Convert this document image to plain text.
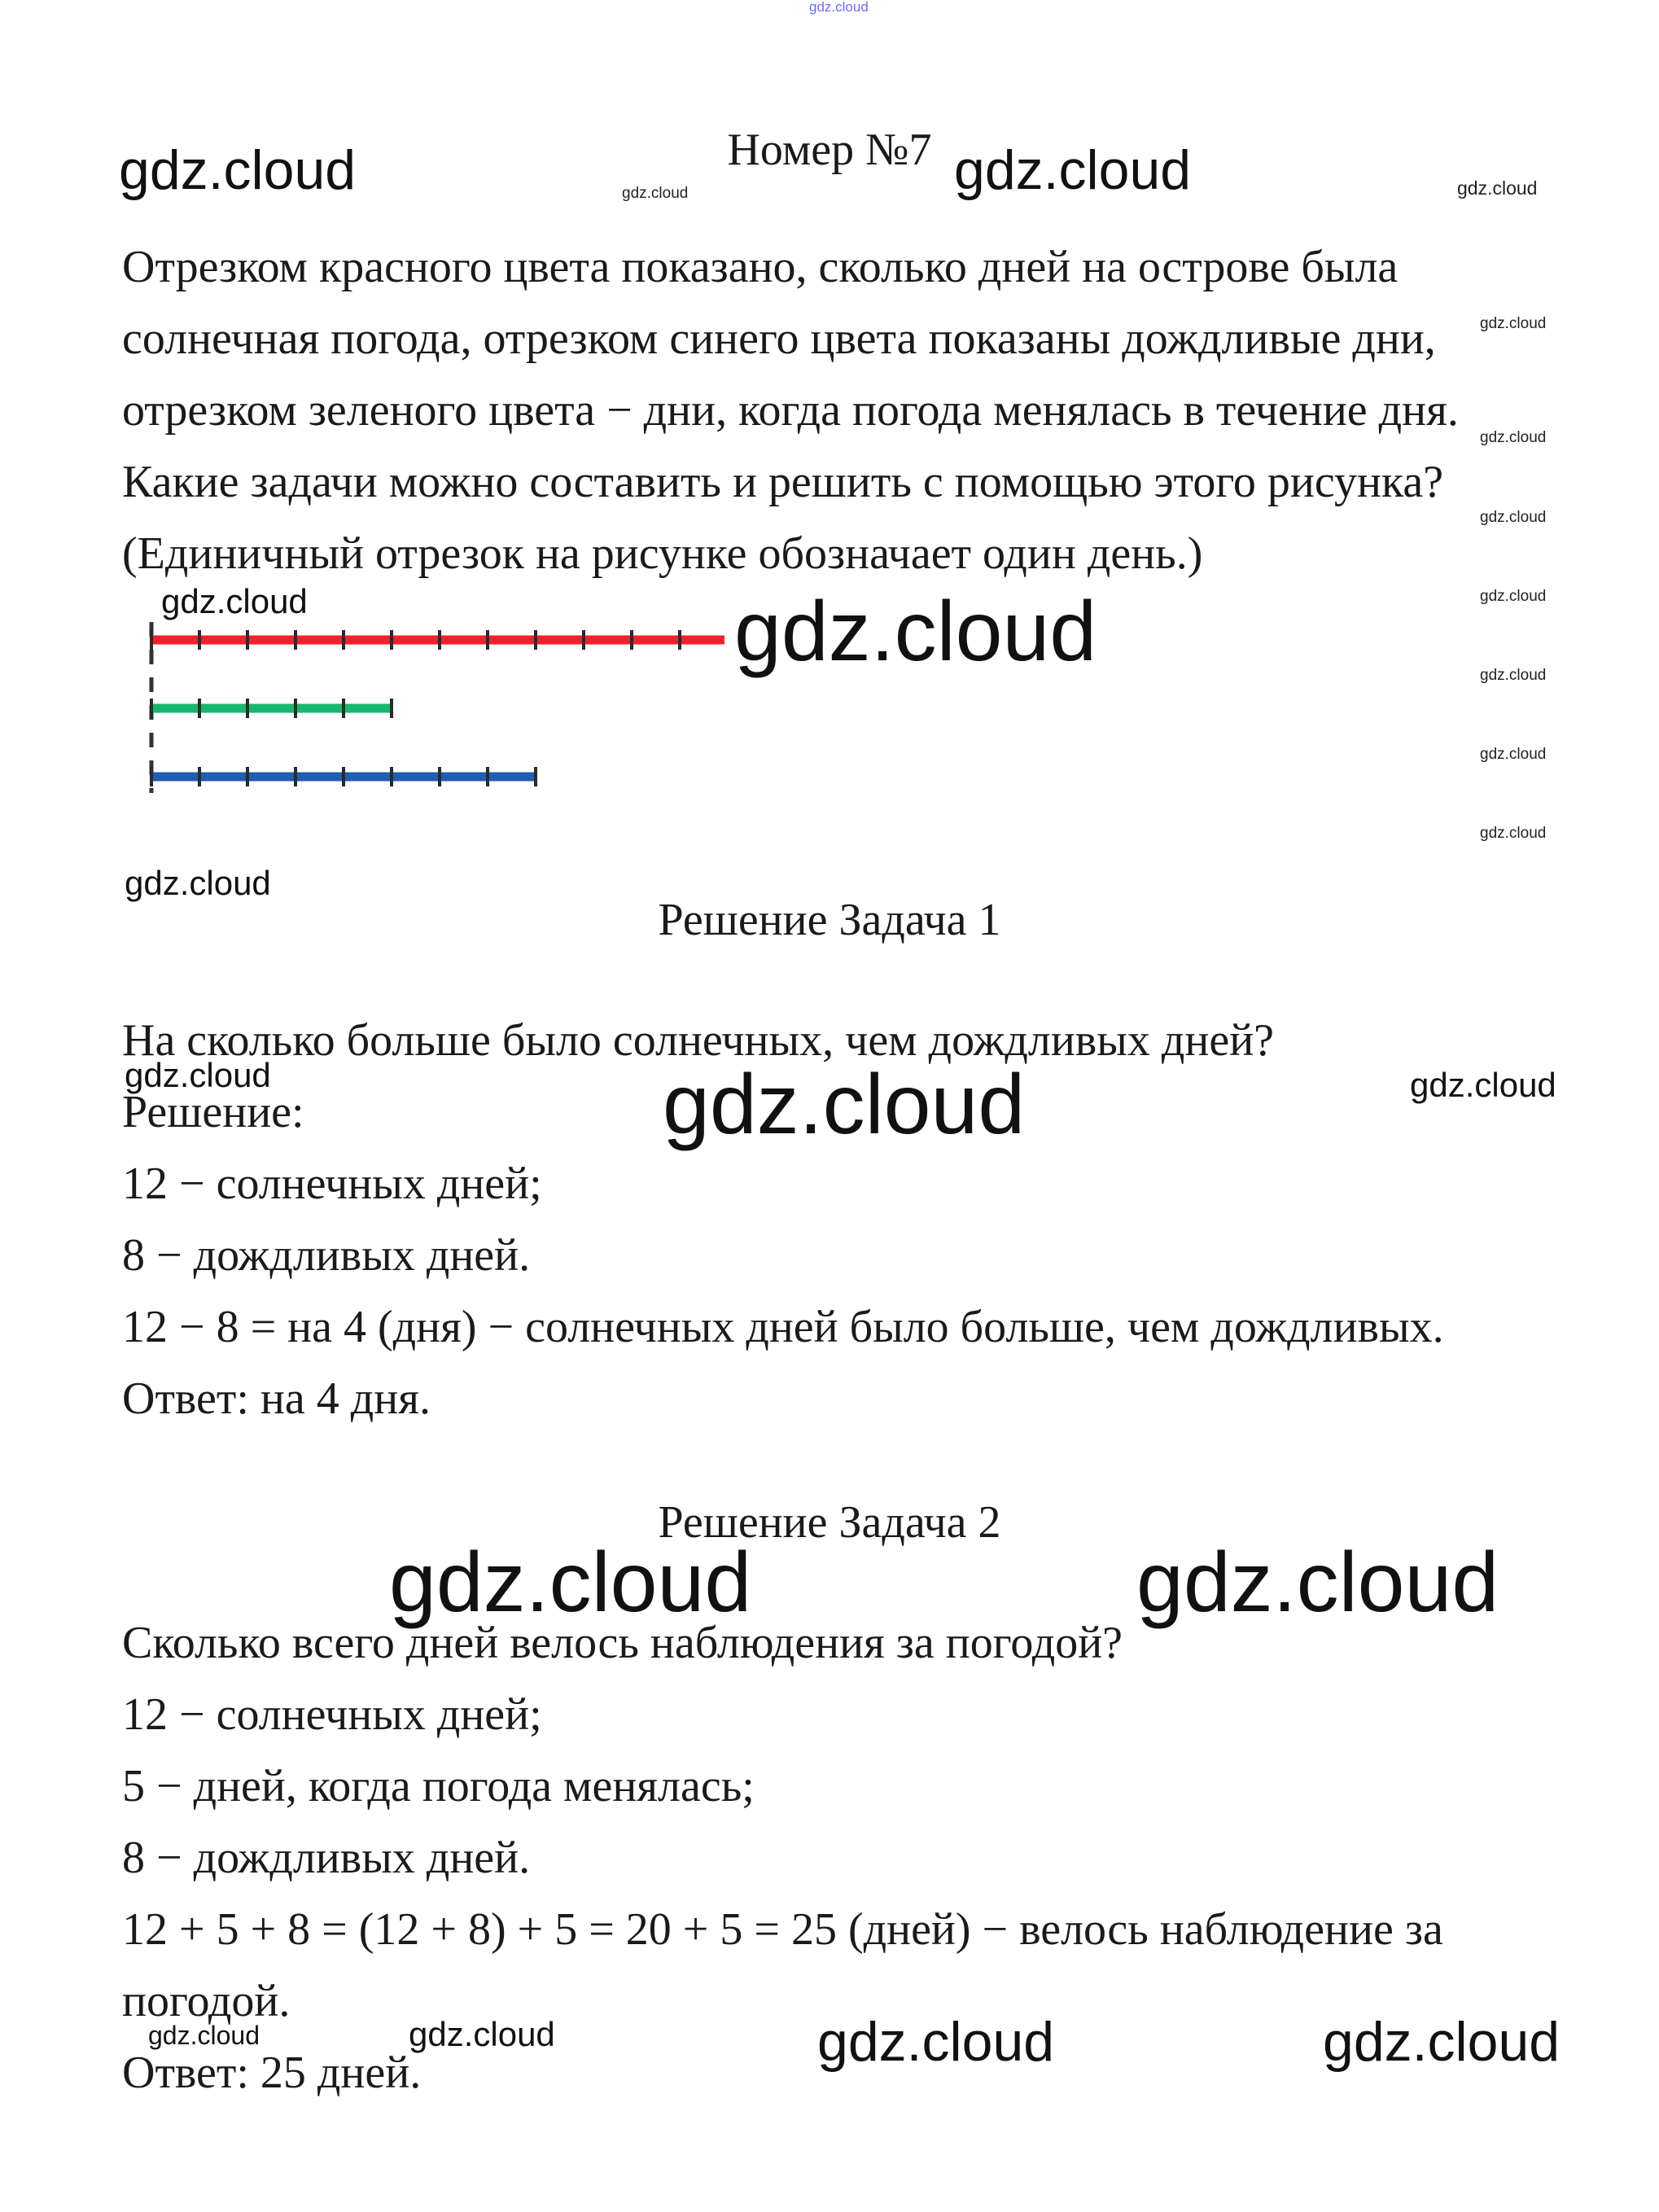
gdz.cloud
gdz.cloud	gdz.cloud	gdz.cloud
gdz.cloud
gdz.cloud
gdz.cloud
gdz.cloud
gdz.cloud
gdz.cloud
gdz.cloud
gdz.cloud	gdz.cloud
gdz.cloud
gdz.cloud	gdz.cloud
gdz.cloud
gdz.cloud	gdz.cloud
gdz.cloud	gdz.cloud	gdz.cloud	gdz.cloud
Номер №7 gdz.cloud

Отрезком красного цвета показано, сколько дней на острове была

солнечная погода, отрезком синего цвета показаны дождливые дни,

отрезком зеленого цвета − дни, когда погода менялась в течение дня.

Какие задачи можно составить и решить с помощью этого рисунка?

(Единичный отрезок на рисунке обозначает один день.)

Решение Задача 1

На сколько больше было солнечных, чем дождливых дней?

Решение:

12 − солнечных дней;

8 − дождливых дней.

12 − 8 = на 4 (дня) − солнечных дней было больше, чем дождливых.

Ответ: на 4 дня.

Решение Задача 2

Сколько всего дней велось наблюдения за погодой?

12 − солнечных дней;

5 − дней, когда погода менялась;

8 − дождливых дней.

12 + 5 + 8 = (12 + 8) + 5 = 20 + 5 = 25 (дней) − велось наблюдение за

погодой.

Ответ: 25 дней.
